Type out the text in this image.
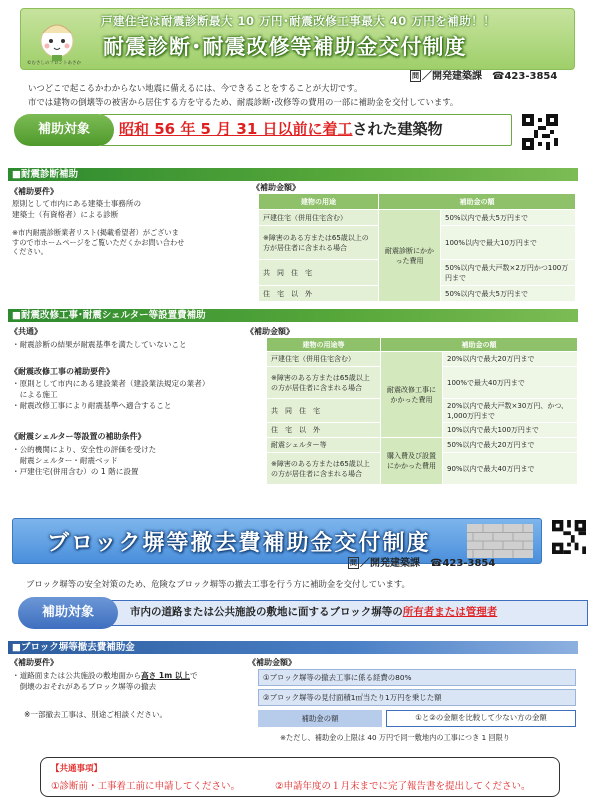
©むさしのフロントあさか
戸建住宅は耐震診断最大 10 万円･耐震改修工事最大 40 万円を補助！！
耐震診断･耐震改修等補助金交付制度
問 ／開発建築課 ☎423-3854
いつどこで起こるかわからない地震に備えるには、今できることをすることが大切です。
市では建物の倒壊等の被害から居住する方を守るため、耐震診断･改修等の費用の一部に補助金を交付しています。
昭和 56 年 5 月 31 日以前に着工された建築物
補助対象
■耐震診断補助
《補助要件》
原則として市内にある建築士事務所の
建築士（有資格者）による診断
※市内耐震診断業者リスト(掲載希望者）がございま
すので市ホームページをご覧いただくかお問い合わせ
ください。
《補助金額》
建物の用途	補助金の額	
戸建住宅（併用住宅含む）	耐震診断にかかった費用	50%以内で最大5万円まで
※障害のある方または65歳以上の方が居住者に含まれる場合		100%以内で最大10万円まで
共　同　住　宅		50%以内で最大戸数×2万円かつ100万円まで
住　宅　以　外		50%以内で最大5万円まで
■耐震改修工事･耐震シェルター等設置費補助
《共通》
・耐震診断の結果が耐震基準を満たしていないこと
《耐震改修工事の補助要件》
・原則として市内にある建設業者（建設業法規定の業者）
　による施工
・耐震改修工事により耐震基準へ適合すること
《耐震シェルター等設置の補助条件》
・公的機関により、安全性の評価を受けた
　耐震シェルター・耐震ベッド
・戸建住宅(併用含む）の 1 階に設置
《補助金額》
建物の用途等	補助金の額	
戸建住宅（併用住宅含む）	耐震改修工事にかかった費用	20%以内で最大20万円まで
※障害のある方または65歳以上の方が居住者に含まれる場合		100%で最大40万円まで
共　同　住　宅		20%以内で最大戸数×30万円、かつ、1,000万円まで
住　宅　以　外		10%以内で最大100万円まで
耐震シェルター等	購入費及び設置にかかった費用	50%以内で最大20万円まで
※障害のある方または65歳以上の方が居住者に含まれる場合		90%以内で最大40万円まで
ブロック塀等撤去費補助金交付制度
問 ／開発建築課 ☎423-3854
ブロック塀等の安全対策のため、危険なブロック塀等の撤去工事を行う方に補助金を交付しています。
市内の道路または公共施設の敷地に面するブロック塀等の所有者または管理者
補助対象
■ブロック塀等撤去費補助金
《補助要件》
・道路面または公共施設の敷地面から高さ 1m 以上で
　倒壊のおそれがあるブロック塀等の撤去
※一部撤去工事は、別途ご相談ください。
《補助金額》
①ブロック塀等の撤去工事に係る経費の80%
②ブロック塀等の見付面積1㎡当たり1万円を乗じた額
補助金の額	①と②の金額を比較して少ない方の金額
※ただし、補助金の上限は 40 万円で同一敷地内の工事につき 1 回限り
【共通事項】
①診断前・工事着工前に申請してください。	②申請年度の１月末までに完了報告書を提出してください。
